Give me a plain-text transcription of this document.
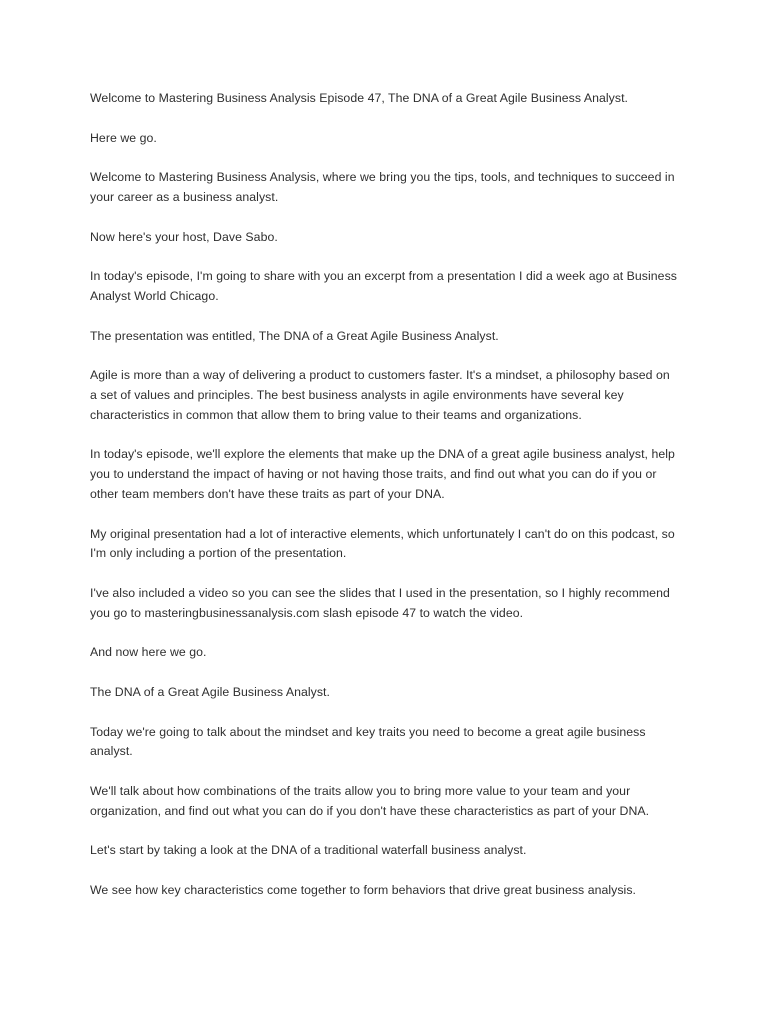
Welcome to Mastering Business Analysis Episode 47, The DNA of a Great Agile Business Analyst.

Here we go.

Welcome to Mastering Business Analysis, where we bring you the tips, tools, and techniques to succeed in your career as a business analyst.

Now here's your host, Dave Sabo.

In today's episode, I'm going to share with you an excerpt from a presentation I did a week ago at Business Analyst World Chicago.

The presentation was entitled, The DNA of a Great Agile Business Analyst.

Agile is more than a way of delivering a product to customers faster. It's a mindset, a philosophy based on a set of values and principles. The best business analysts in agile environments have several key characteristics in common that allow them to bring value to their teams and organizations.

In today's episode, we'll explore the elements that make up the DNA of a great agile business analyst, help you to understand the impact of having or not having those traits, and find out what you can do if you or other team members don't have these traits as part of your DNA.

My original presentation had a lot of interactive elements, which unfortunately I can't do on this podcast, so I'm only including a portion of the presentation.

I've also included a video so you can see the slides that I used in the presentation, so I highly recommend you go to masteringbusinessanalysis.com slash episode 47 to watch the video.

And now here we go.

The DNA of a Great Agile Business Analyst.

Today we're going to talk about the mindset and key traits you need to become a great agile business analyst.

We'll talk about how combinations of the traits allow you to bring more value to your team and your organization, and find out what you can do if you don't have these characteristics as part of your DNA.

Let's start by taking a look at the DNA of a traditional waterfall business analyst.

We see how key characteristics come together to form behaviors that drive great business analysis.
